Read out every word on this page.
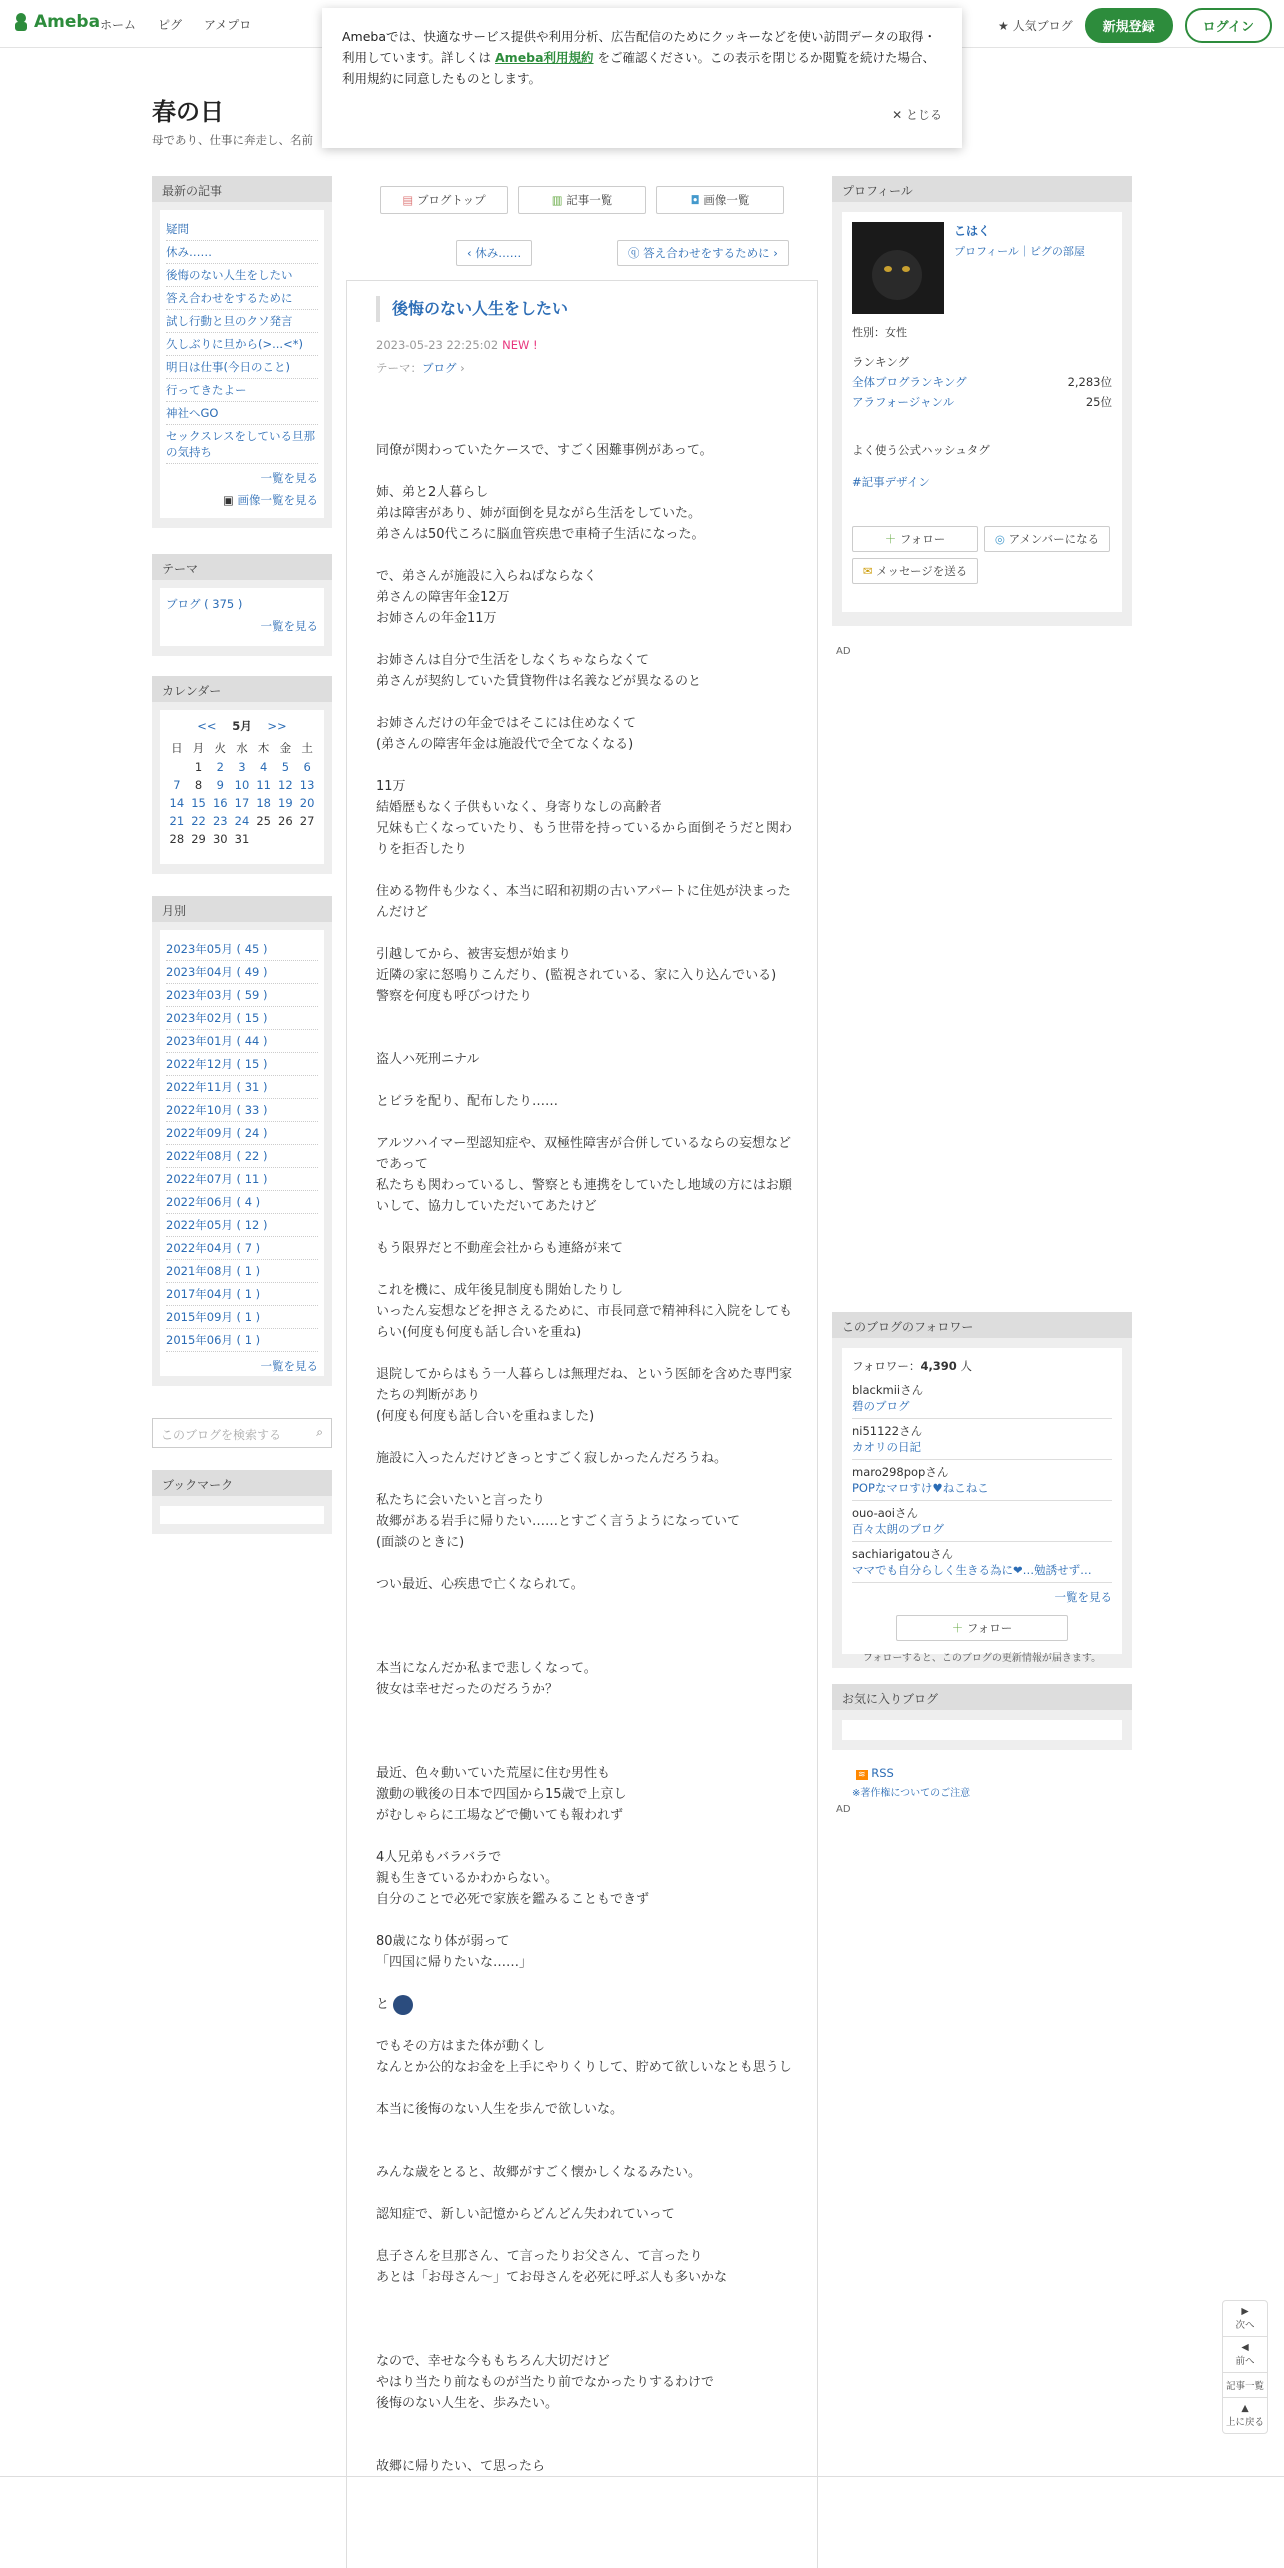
Ameba ホーム ピグ アメプロ	★ 人気ブログ	新規登録	ログイン
Amebaでは、快適なサービス提供や利用分析、広告配信のためにクッキーなどを使い訪問データの取得・利用しています。詳しくは Ameba利用規約 をご確認ください。この表示を閉じるか閲覧を続けた場合、利用規約に同意したものとします。
✕ とじる
春の日
母であり、仕事に奔走し、名前
最新の記事
疑問
休み……
後悔のない人生をしたい
答え合わせをするために
試し行動と旦のクソ発言
久しぶりに旦から(>...<*)
明日は仕事(今日のこと)
行ってきたよー
神社へGO
セックスレスをしている旦那の気持ち
一覧を見る
▣ 画像一覧を見る
テーマ
ブログ ( 375 )
一覧を見る
カレンダー
<< 5月 >>
日	月	火	水	木	金	土
	1	2	3	4	5	6
7	8	9	10	11	12	13
14	15	16	17	18	19	20
21	22	23	24	25	26	27
28	29	30	31			
月別
2023年05月 ( 45 )
2023年04月 ( 49 )
2023年03月 ( 59 )
2023年02月 ( 15 )
2023年01月 ( 44 )
2022年12月 ( 15 )
2022年11月 ( 31 )
2022年10月 ( 33 )
2022年09月 ( 24 )
2022年08月 ( 22 )
2022年07月 ( 11 )
2022年06月 ( 4 )
2022年05月 ( 12 )
2022年04月 ( 7 )
2021年08月 ( 1 )
2017年04月 ( 1 )
2015年09月 ( 1 )
2015年06月 ( 1 )
一覧を見る
このブログを検索する	⌕
ブックマーク
▤ ブログトップ	▥ 記事一覧	◘ 画像一覧
‹ 休み……	ⓠ 答え合わせをするために ›
後悔のない人生をしたい
2023-05-23 22:25:02 NEW !
テーマ：ブログ ›

同僚が関わっていたケースで、すごく困難事例があって。

姉、弟と2人暮らし
弟は障害があり、姉が面倒を見ながら生活をしていた。
弟さんは50代ころに脳血管疾患で車椅子生活になった。

で、弟さんが施設に入らねばならなく
弟さんの障害年金12万
お姉さんの年金11万

お姉さんは自分で生活をしなくちゃならなくて
弟さんが契約していた賃貸物件は名義などが異なるのと

お姉さんだけの年金ではそこには住めなくて
(弟さんの障害年金は施設代で全てなくなる)

11万
結婚歴もなく子供もいなく、身寄りなしの高齢者
兄妹も亡くなっていたり、もう世帯を持っているから面倒そうだと関わりを拒否したり

住める物件も少なく、本当に昭和初期の古いアパートに住処が決まったんだけど

引越してから、被害妄想が始まり
近隣の家に怒鳴りこんだり、(監視されている、家に入り込んでいる)
警察を何度も呼びつけたり

盗人ハ死刑ニナル

とビラを配り、配布したり……

アルツハイマー型認知症や、双極性障害が合併しているならの妄想などであって
私たちも関わっているし、警察とも連携をしていたし地域の方にはお願いして、協力していただいてあたけど

もう限界だと不動産会社からも連絡が来て

これを機に、成年後見制度も開始したりし
いったん妄想などを押さえるために、市長同意で精神科に入院をしてもらい(何度も何度も話し合いを重ね)

退院してからはもう一人暮らしは無理だね、という医師を含めた専門家たちの判断があり
(何度も何度も話し合いを重ねました)

施設に入ったんだけどきっとすごく寂しかったんだろうね。

私たちに会いたいと言ったり
故郷がある岩手に帰りたい……とすごく言うようになっていて
(面談のときに)

つい最近、心疾患で亡くなられて。

本当になんだか私まで悲しくなって。
彼女は幸せだったのだろうか？

最近、色々動いていた荒屋に住む男性も
激動の戦後の日本で四国から15歳で上京し
がむしゃらに工場などで働いても報われず

4人兄弟もバラバラで
親も生きているかわからない。
自分のことで必死で家族を鑑みることもできず

80歳になり体が弱って
「四国に帰りたいな……」

と

でもその方はまた体が動くし
なんとか公的なお金を上手にやりくりして、貯めて欲しいなとも思うし

本当に後悔のない人生を歩んで欲しいな。

みんな歳をとると、故郷がすごく懐かしくなるみたい。

認知症で、新しい記憶からどんどん失われていって

息子さんを旦那さん、て言ったりお父さん、て言ったり
あとは「お母さん〜」てお母さんを必死に呼ぶ人も多いかな

なので、幸せな今ももちろん大切だけど
やはり当たり前なものが当たり前でなかったりするわけで
後悔のない人生を、歩みたい。

故郷に帰りたい、て思ったら

プロフィール
こはく
プロフィール｜ピグの部屋
性別：女性
ランキング
全体ブログランキング	2,283位
アラフォージャンル	25位
よく使う公式ハッシュタグ
#記事デザイン
＋ フォロー	◎ アメンバーになる
✉ メッセージを送る
AD
このブログのフォロワー
フォロワー：4,390 人
blackmiiさん
碧のブログ
ni51122さん
カオリの日記
maro298popさん
POPなマロすけ♥ねこねこ
ouo-aoiさん
百々太朗のブログ
sachiarigatouさん
ママでも自分らしく生きる為に❤…勉誘せず…
一覧を見る
＋ フォロー
フォローすると、このブログの更新情報が届きます。
お気に入りブログ
≋ RSS
※著作権についてのご注意
AD
▶
次へ
◀
前へ
記事一覧
▲
上に戻る
